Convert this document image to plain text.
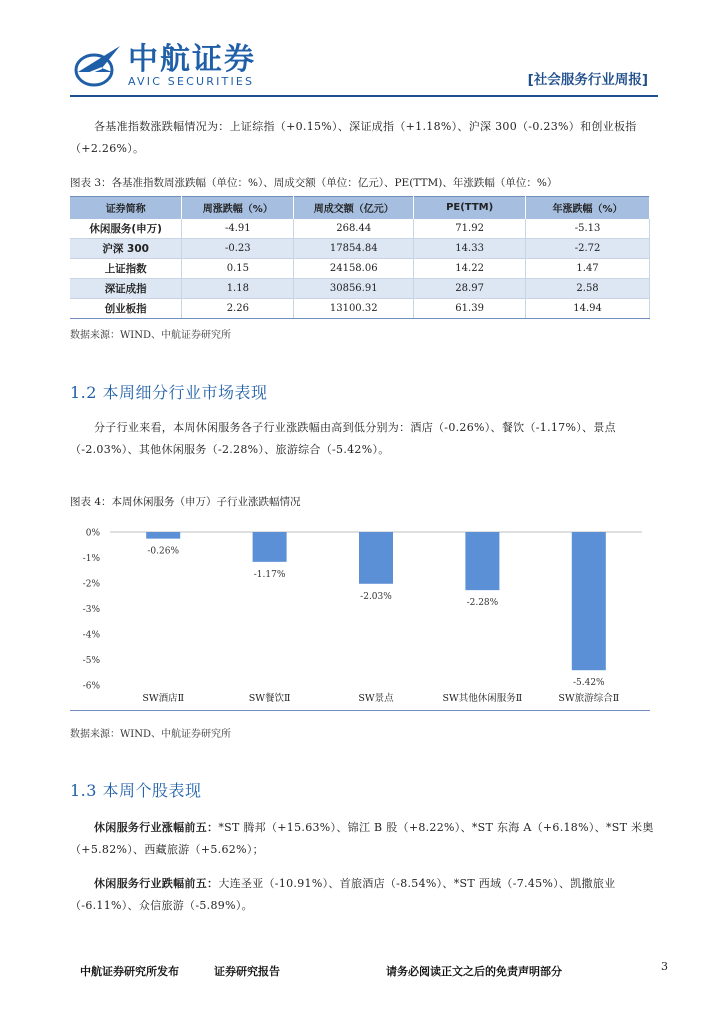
中航证券
AVIC SECURITIES	[社会服务行业周报]

各基准指数涨跌幅情况为：上证综指（+0.15%）、深证成指（+1.18%）、沪深 300（-0.23%）和创业板指（+2.26%）。

图表 3：各基准指数周涨跌幅（单位：%）、周成交额（单位：亿元）、PE(TTM)、年涨跌幅（单位：%）
证券简称	周涨跌幅（%）	周成交额（亿元）	PE(TTM)	年涨跌幅（%）
休闲服务(申万)	-4.91	268.44	71.92	-5.13
沪深 300	-0.23	17854.84	14.33	-2.72
上证指数	0.15	24158.06	14.22	1.47
深证成指	1.18	30856.91	28.97	2.58
创业板指	2.26	13100.32	61.39	14.94
数据来源：WIND、中航证券研究所
1.2 本周细分行业市场表现

分子行业来看，本周休闲服务各子行业涨跌幅由高到低分别为：酒店（-0.26%）、餐饮（-1.17%）、景点（-2.03%）、其他休闲服务（-2.28%）、旅游综合（-5.42%）。

图表 4：本周休闲服务（申万）子行业涨跌幅情况
0%
-1%
-2%
-3%
-4%
-5%
-6%
-0.26%
SW酒店Ⅱ
-1.17%
SW餐饮Ⅱ
-2.03%
SW景点
-2.28%
SW其他休闲服务Ⅱ
-5.42%
SW旅游综合Ⅱ
数据来源：WIND、中航证券研究所
1.3 本周个股表现

休闲服务行业涨幅前五：*ST 腾邦（+15.63%）、锦江 B 股（+8.22%）、*ST 东海 A（+6.18%）、*ST 米奥（+5.82%）、西藏旅游（+5.62%）；

休闲服务行业跌幅前五：大连圣亚（-10.91%）、首旅酒店（-8.54%）、*ST 西域（-7.45%）、凯撒旅业（-6.11%）、众信旅游（-5.89%）。

中航证券研究所发布	证券研究报告	请务必阅读正文之后的免责声明部分	3
